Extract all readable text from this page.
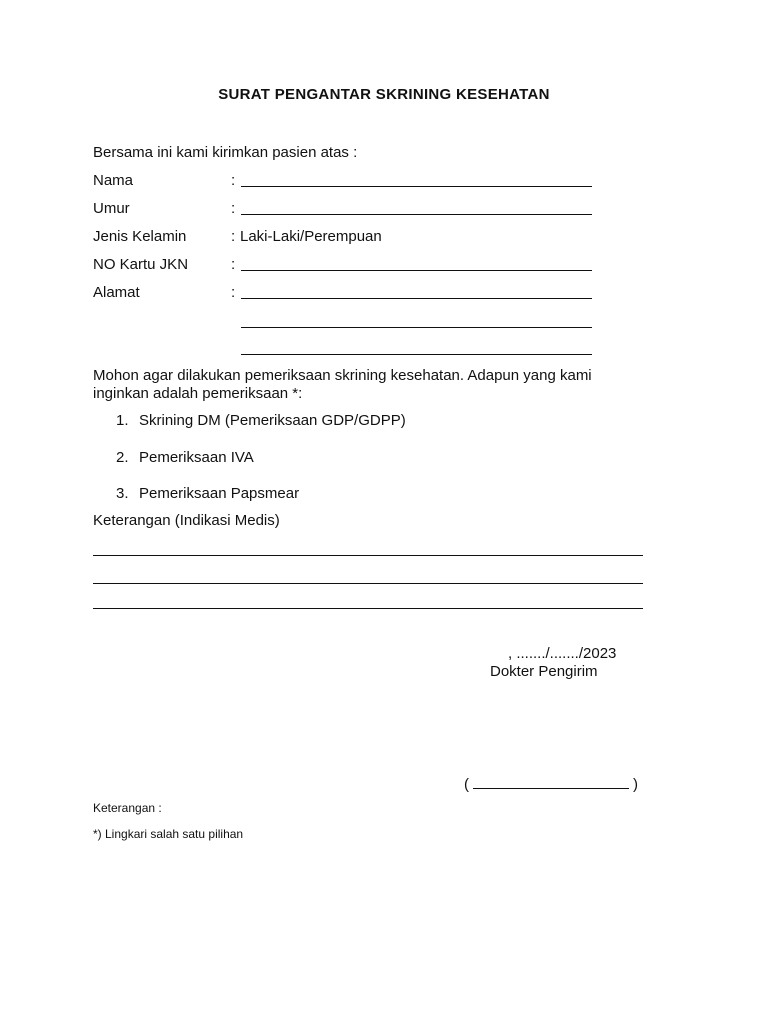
SURAT PENGANTAR SKRINING KESEHATAN
Bersama ini kami kirimkan pasien atas :
Nama	:
Umur	:
Jenis Kelamin	: Laki-Laki/Perempuan
NO Kartu JKN	:
Alamat	:
Mohon agar dilakukan pemeriksaan skrining kesehatan. Adapun yang kami
inginkan adalah pemeriksaan *:
1. Skrining DM (Pemeriksaan GDP/GDPP)
2. Pemeriksaan IVA
3. Pemeriksaan Papsmear
Keterangan (Indikasi Medis)
, ......./......./2023
Dokter Pengirim
(	)
Keterangan :
*) Lingkari salah satu pilihan
